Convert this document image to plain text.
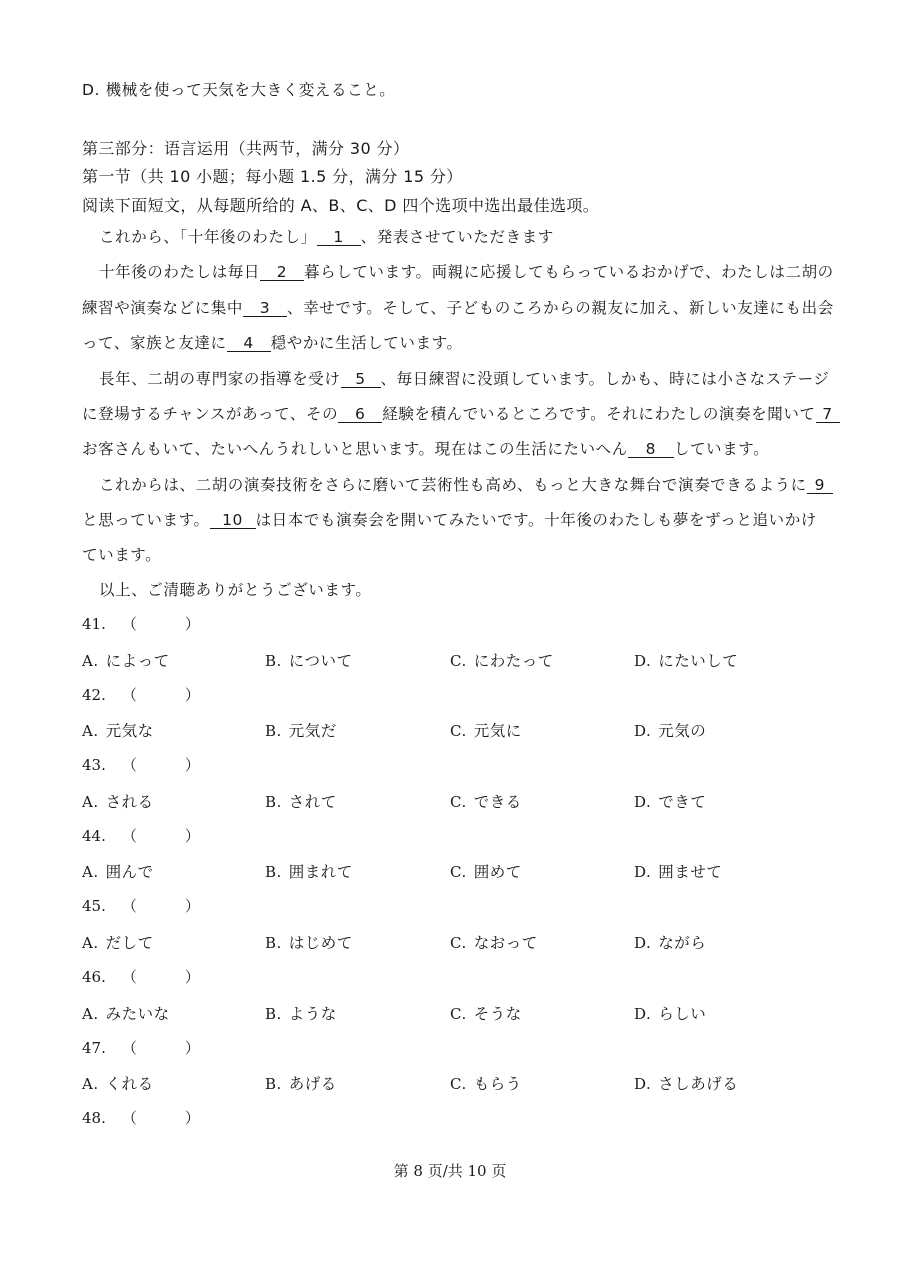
D. 機械を使って天気を大きく変えること。
第三部分：语言运用（共两节，满分 30 分）
第一节（共 10 小题；每小题 1.5 分，满分 15 分）
阅读下面短文，从每题所给的 A、B、C、D 四个选项中选出最佳选项。
これから、「十年後のわたし」 1 、発表させていただきます
十年後のわたしは毎日 2 暮らしています。両親に応援してもらっているおかげで、わたしは二胡の
練習や演奏などに集中 3 、幸せです。そして、子どものころからの親友に加え、新しい友達にも出会
って、家族と友達に 4 穏やかに生活しています。
長年、二胡の専門家の指導を受け 5 、毎日練習に没頭しています。しかも、時には小さなステージ
に登場するチャンスがあって、その 6 経験を積んでいるところです。それにわたしの演奏を聞いて 7
お客さんもいて、たいへんうれしいと思います。現在はこの生活にたいへん 8 しています。
これからは、二胡の演奏技術をさらに磨いて芸術性も高め、もっと大きな舞台で演奏できるように 9
と思っています。 10 は日本でも演奏会を開いてみたいです。十年後のわたしも夢をずっと追いかけ
ています。
以上、ご清聴ありがとうございます。
41. （	）
A. によって	B. について	C. にわたって	D. にたいして
42. （	）
A. 元気な	B. 元気だ	C. 元気に	D. 元気の
43. （	）
A. される	B. されて	C. できる	D. できて
44. （	）
A. 囲んで	B. 囲まれて	C. 囲めて	D. 囲ませて
45. （	）
A. だして	B. はじめて	C. なおって	D. ながら
46. （	）
A. みたいな	B. ような	C. そうな	D. らしい
47. （	）
A. くれる	B. あげる	C. もらう	D. さしあげる
48. （	）
第 8 页/共 10 页
